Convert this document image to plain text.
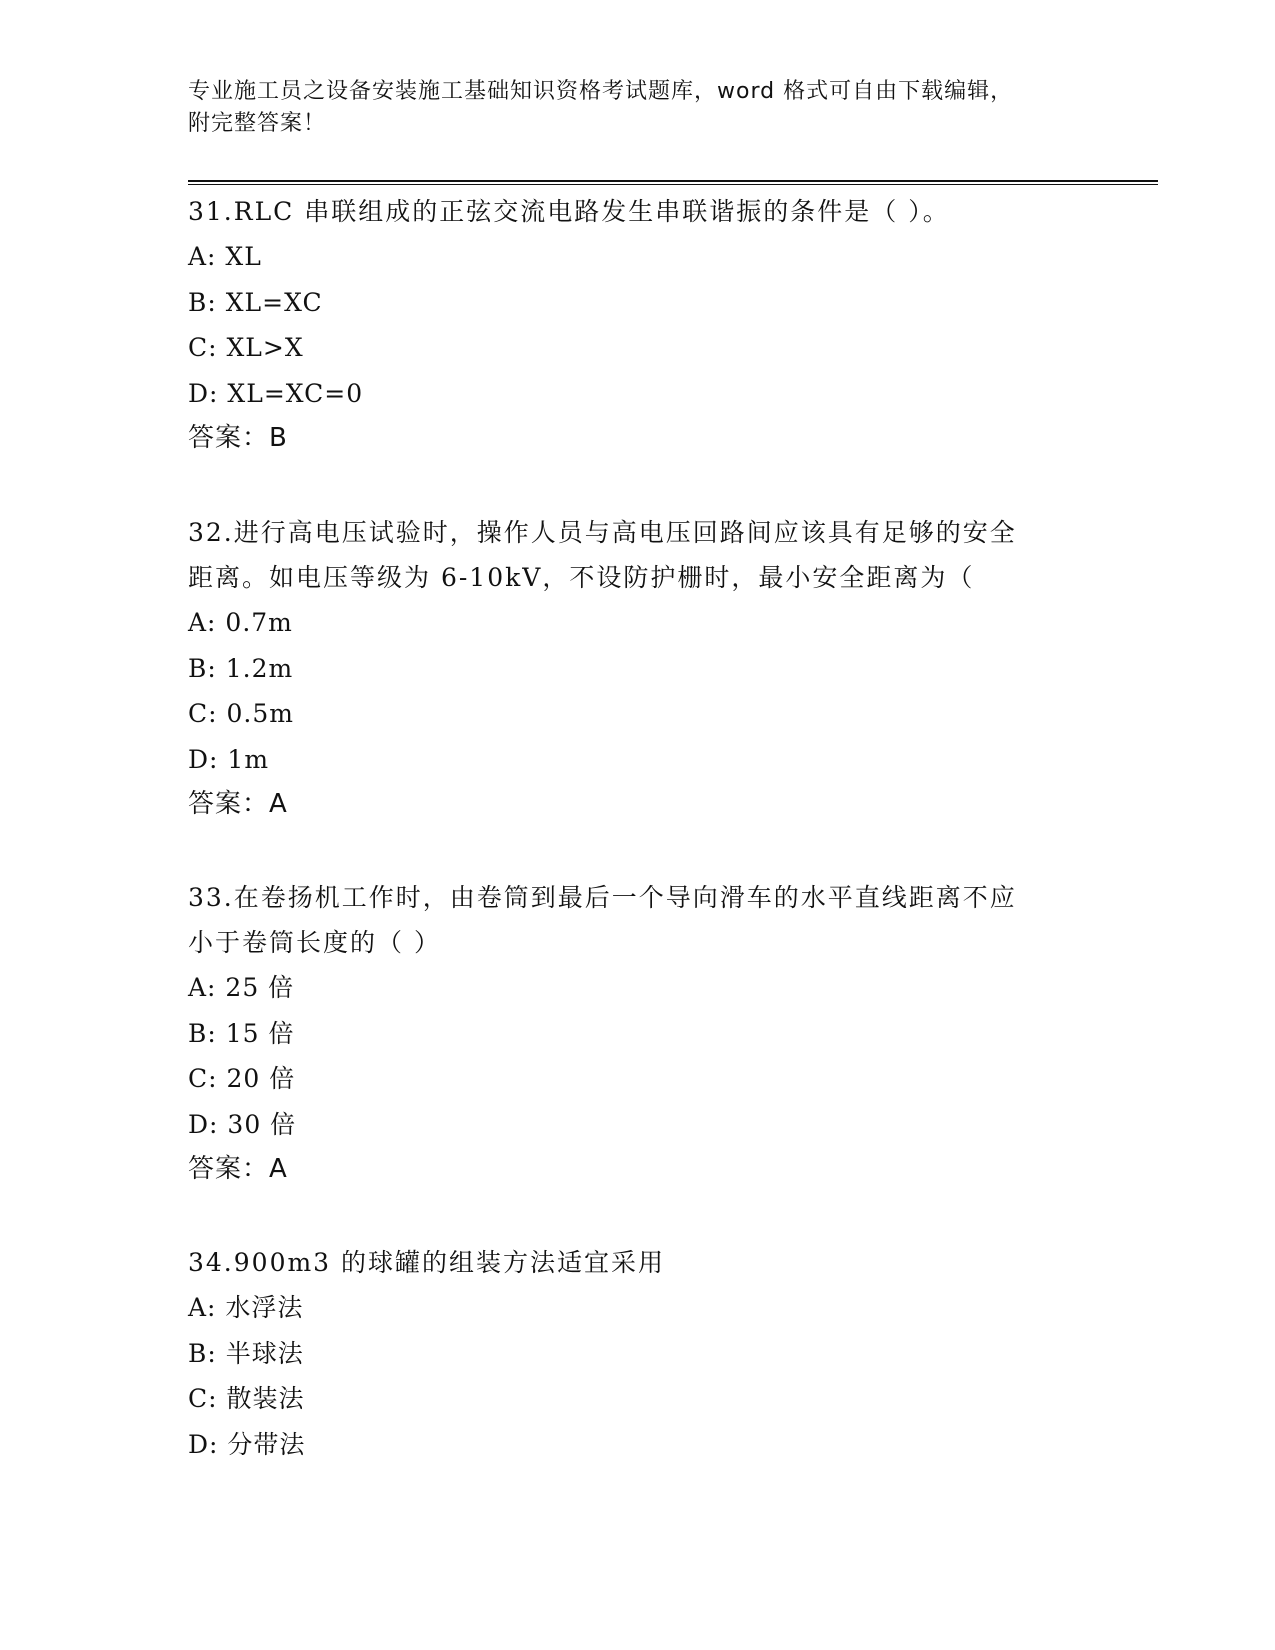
专业施工员之设备安装施工基础知识资格考试题库，word 格式可自由下载编辑，
附完整答案！
31.RLC 串联组成的正弦交流电路发生串联谐振的条件是（ ）。
A: XL
B: XL=XC
C: XL>X
D: XL=XC=0
答案：B
32.进行高电压试验时，操作人员与高电压回路间应该具有足够的安全
距离。如电压等级为 6-10kV，不设防护栅时，最小安全距离为（
A: 0.7m
B: 1.2m
C: 0.5m
D: 1m
答案：A
33.在卷扬机工作时，由卷筒到最后一个导向滑车的水平直线距离不应
小于卷筒长度的（ ）
A: 25 倍
B: 15 倍
C: 20 倍
D: 30 倍
答案：A
34.900m3 的球罐的组装方法适宜采用
A: 水浮法
B: 半球法
C: 散装法
D: 分带法
